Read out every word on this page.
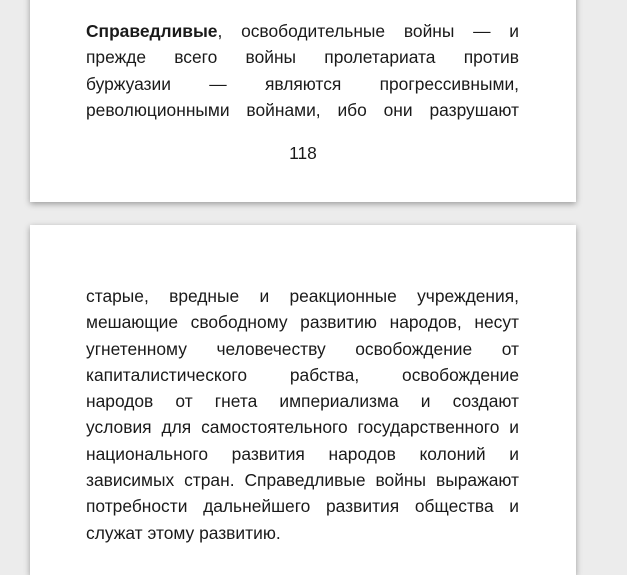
Справедливые, освободительные войны — и
прежде всего войны пролетариата против
буржуазии — являются прогрессивными,
революционными войнами, ибо они разрушают
118
старые, вредные и реакционные учреждения,
мешающие свободному развитию народов, несут
угнетенному человечеству освобождение от
капиталистического рабства, освобождение
народов от гнета империализма и создают
условия для самостоятельного государственного и
национального развития народов колоний и
зависимых стран. Справедливые войны выражают
потребности дальнейшего развития общества и
служат этому развитию.
